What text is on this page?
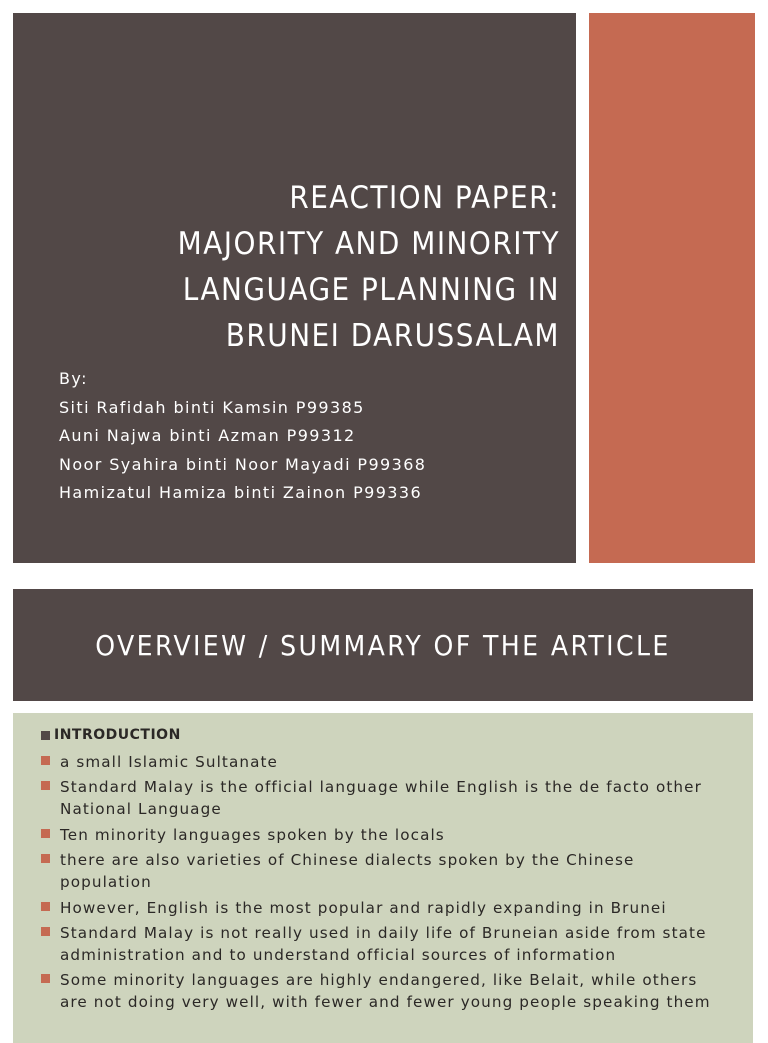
REACTION PAPER:
MAJORITY AND MINORITY
LANGUAGE PLANNING IN
BRUNEI DARUSSALAM
By:
Siti Rafidah binti Kamsin P99385
Auni Najwa binti Azman P99312
Noor Syahira binti Noor Mayadi P99368
Hamizatul Hamiza binti Zainon P99336
OVERVIEW / SUMMARY OF THE ARTICLE
INTRODUCTION
a small Islamic Sultanate
Standard Malay is the official language while English is the de facto other National Language
Ten minority languages spoken by the locals
there are also varieties of Chinese dialects spoken by the Chinese population
However, English is the most popular and rapidly expanding in Brunei
Standard Malay is not really used in daily life of Bruneian aside from state administration and to understand official sources of information
Some minority languages are highly endangered, like Belait, while others are not doing very well, with fewer and fewer young people speaking them
